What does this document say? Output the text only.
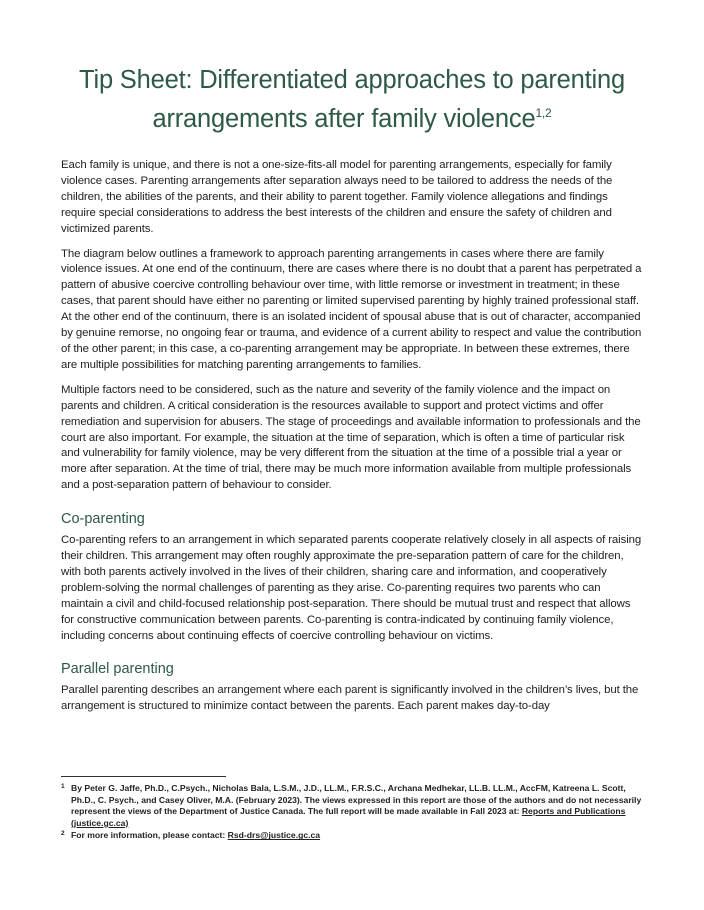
Tip Sheet: Differentiated approaches to parenting
arrangements after family violence$^{1,2}$

Each family is unique, and there is not a one-size-fits-all model for parenting arrangements, especially for family violence cases. Parenting arrangements after separation always need to be tailored to address the needs of the children, the abilities of the parents, and their ability to parent together. Family violence allegations and findings require special considerations to address the best interests of the children and ensure the safety of children and victimized parents.

The diagram below outlines a framework to approach parenting arrangements in cases where there are family violence issues. At one end of the continuum, there are cases where there is no doubt that a parent has perpetrated a pattern of abusive coercive controlling behaviour over time, with little remorse or investment in treatment; in these cases, that parent should have either no parenting or limited supervised parenting by highly trained professional staff. At the other end of the continuum, there is an isolated incident of spousal abuse that is out of character, accompanied by genuine remorse, no ongoing fear or trauma, and evidence of a current ability to respect and value the contribution of the other parent; in this case, a co-parenting arrangement may be appropriate. In between these extremes, there are multiple possibilities for matching parenting arrangements to families.

Multiple factors need to be considered, such as the nature and severity of the family violence and the impact on parents and children. A critical consideration is the resources available to support and protect victims and offer remediation and supervision for abusers. The stage of proceedings and available information to professionals and the court are also important. For example, the situation at the time of separation, which is often a time of particular risk and vulnerability for family violence, may be very different from the situation at the time of a possible trial a year or more after separation. At the time of trial, there may be much more information available from multiple professionals and a post-separation pattern of behaviour to consider.

Co-parenting

Co-parenting refers to an arrangement in which separated parents cooperate relatively closely in all aspects of raising their children. This arrangement may often roughly approximate the pre-separation pattern of care for the children, with both parents actively involved in the lives of their children, sharing care and information, and cooperatively problem-solving the normal challenges of parenting as they arise. Co-parenting requires two parents who can maintain a civil and child-focused relationship post-separation. There should be mutual trust and respect that allows for constructive communication between parents. Co-parenting is contra-indicated by continuing family violence, including concerns about continuing effects of coercive controlling behaviour on victims.

Parallel parenting

Parallel parenting describes an arrangement where each parent is significantly involved in the children’s lives, but the arrangement is structured to minimize contact between the parents. Each parent makes day-to-day

1 By Peter G. Jaffe, Ph.D., C.Psych., Nicholas Bala, L.S.M., J.D., LL.M., F.R.S.C., Archana Medhekar, LL.B. LL.M., AccFM, Katreena L. Scott, Ph.D., C. Psych., and Casey Oliver, M.A. (February 2023). The views expressed in this report are those of the authors and do not necessarily represent the views of the Department of Justice Canada. The full report will be made available in Fall 2023 at: Reports and Publications (justice.gc.ca)
2 For more information, please contact: Rsd-drs@justice.gc.ca
